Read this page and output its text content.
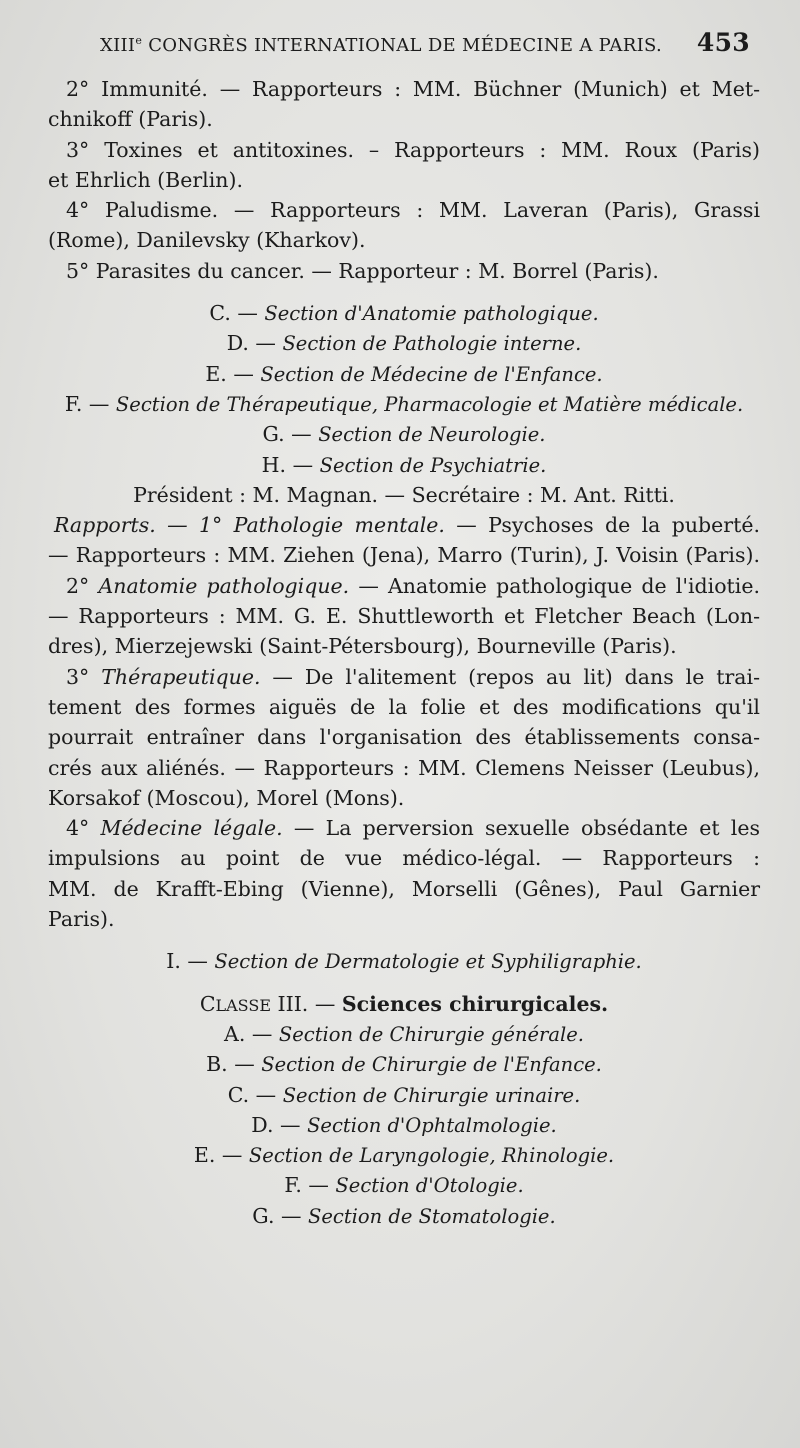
XIIIe CONGRÈS INTERNATIONAL DE MÉDECINE A PARIS. 453
2° Immunité. — Rapporteurs : MM. Büchner (Munich) et Met-
chnikoff (Paris).
3° Toxines et antitoxines. – Rapporteurs : MM. Roux (Paris)
et Ehrlich (Berlin).
4° Paludisme. — Rapporteurs : MM. Laveran (Paris), Grassi
(Rome), Danilevsky (Kharkov).
5° Parasites du cancer. — Rapporteur : M. Borrel (Paris).
C. — Section d'Anatomie pathologique.
D. — Section de Pathologie interne.
E. — Section de Médecine de l'Enfance.
F. — Section de Thérapeutique, Pharmacologie et Matière médicale.
G. — Section de Neurologie.
H. — Section de Psychiatrie.
Président : M. Magnan. — Secrétaire : M. Ant. Ritti.
Rapports. — 1° Pathologie mentale. — Psychoses de la puberté.
— Rapporteurs : MM. Ziehen (Jena), Marro (Turin), J. Voisin (Paris).
2° Anatomie pathologique. — Anatomie pathologique de l'idiotie.
— Rapporteurs : MM. G. E. Shuttleworth et Fletcher Beach (Lon-
dres), Mierzejewski (Saint-Pétersbourg), Bourneville (Paris).
3° Thérapeutique. — De l'alitement (repos au lit) dans le trai-
tement des formes aiguës de la folie et des modifications qu'il
pourrait entraîner dans l'organisation des établissements consa-
crés aux aliénés. — Rapporteurs : MM. Clemens Neisser (Leubus),
Korsakof (Moscou), Morel (Mons).
4° Médecine légale. — La perversion sexuelle obsédante et les
impulsions au point de vue médico-légal. — Rapporteurs :
MM. de Krafft-Ebing (Vienne), Morselli (Gênes), Paul Garnier
Paris).
I. — Section de Dermatologie et Syphiligraphie.
CLASSE III. — Sciences chirurgicales.
A. — Section de Chirurgie générale.
B. — Section de Chirurgie de l'Enfance.
C. — Section de Chirurgie urinaire.
D. — Section d'Ophtalmologie.
E. — Section de Laryngologie, Rhinologie.
F. — Section d'Otologie.
G. — Section de Stomatologie.
